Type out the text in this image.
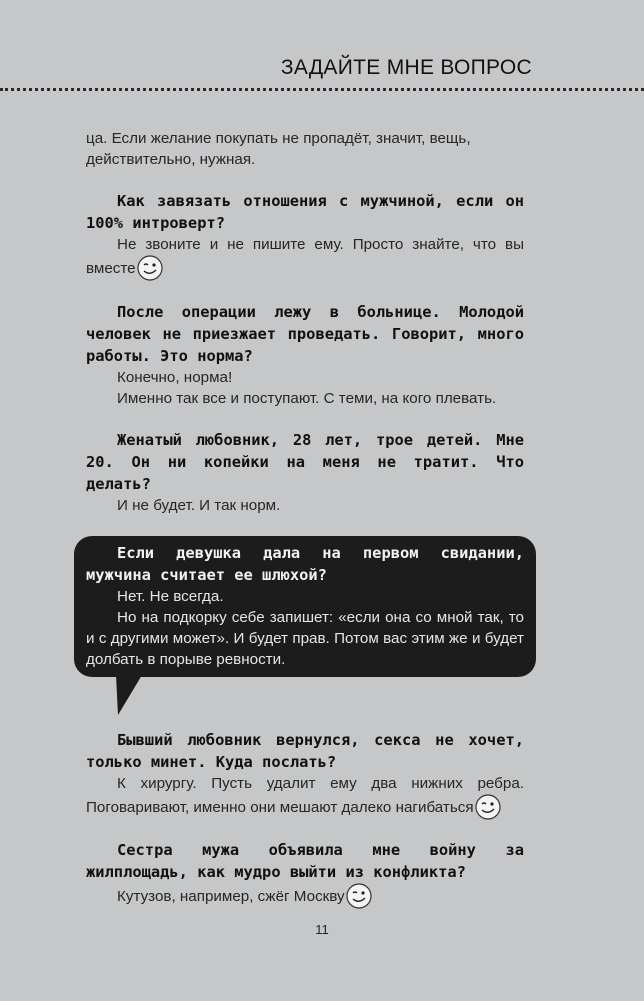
ЗАДАЙТЕ МНЕ ВОПРОС

ца. Если желание покупать не пропадёт, значит, вещь,

действительно, нужная.

Как завязать отношения с мужчиной, если он 100% интроверт?

Не звоните и не пишите ему. Просто знайте, что вы вместе

После операции лежу в больнице. Молодой человек не приезжает проведать. Говорит, много работы. Это норма?

Конечно, норма!

Именно так все и поступают. С теми, на кого плевать.

Женатый любовник, 28 лет, трое детей. Мне 20. Он ни копейки на меня не тратит. Что делать?

И не будет. И так норм.

Если девушка дала на первом свидании, мужчина считает ее шлюхой?

Нет. Не всегда.

Но на подкорку себе запишет: «если она со мной так, то и с другими может». И будет прав. Потом вас этим же и будет долбать в порыве ревности.

Бывший любовник вернулся, секса не хочет, только минет. Куда послать?

К хирургу. Пусть удалит ему два нижних ребра. Поговаривают, именно они мешают далеко нагибаться

Сестра мужа объявила мне войну за жилплощадь, как мудро выйти из конфликта?

Кутузов, например, сжёг Москву

11
